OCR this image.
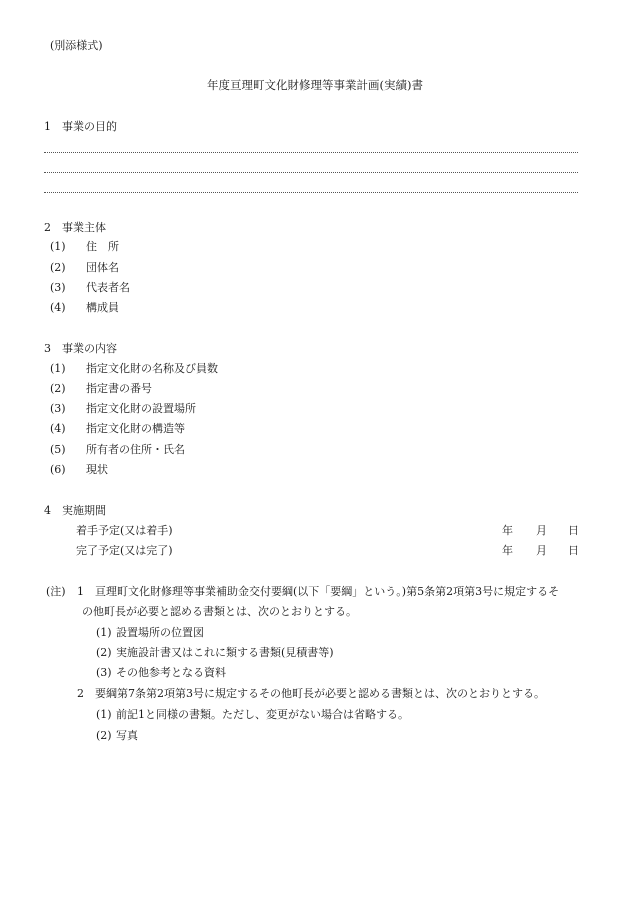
(別添様式)
年度亘理町文化財修理等事業計画(実績)書
1　事業の目的
2　事業主体
(1) 住　所
(2) 団体名
(3) 代表者名
(4) 構成員
3　事業の内容
(1) 指定文化財の名称及び員数
(2) 指定書の番号
(3) 指定文化財の設置場所
(4) 指定文化財の構造等
(5) 所有者の住所・氏名
(6) 現状
4　実施期間
着手予定(又は着手)	年 月 日
完了予定(又は完了)	年 月 日
(注) 1 亘理町文化財修理等事業補助金交付要綱(以下「要綱」という。)第5条第2項第3号に規定するそ
の他町長が必要と認める書類とは、次のとおりとする。
(1) 設置場所の位置図
(2) 実施設計書又はこれに類する書類(見積書等)
(3) その他参考となる資料
2 要綱第7条第2項第3号に規定するその他町長が必要と認める書類とは、次のとおりとする。
(1) 前記1と同様の書類。ただし、変更がない場合は省略する。
(2) 写真
